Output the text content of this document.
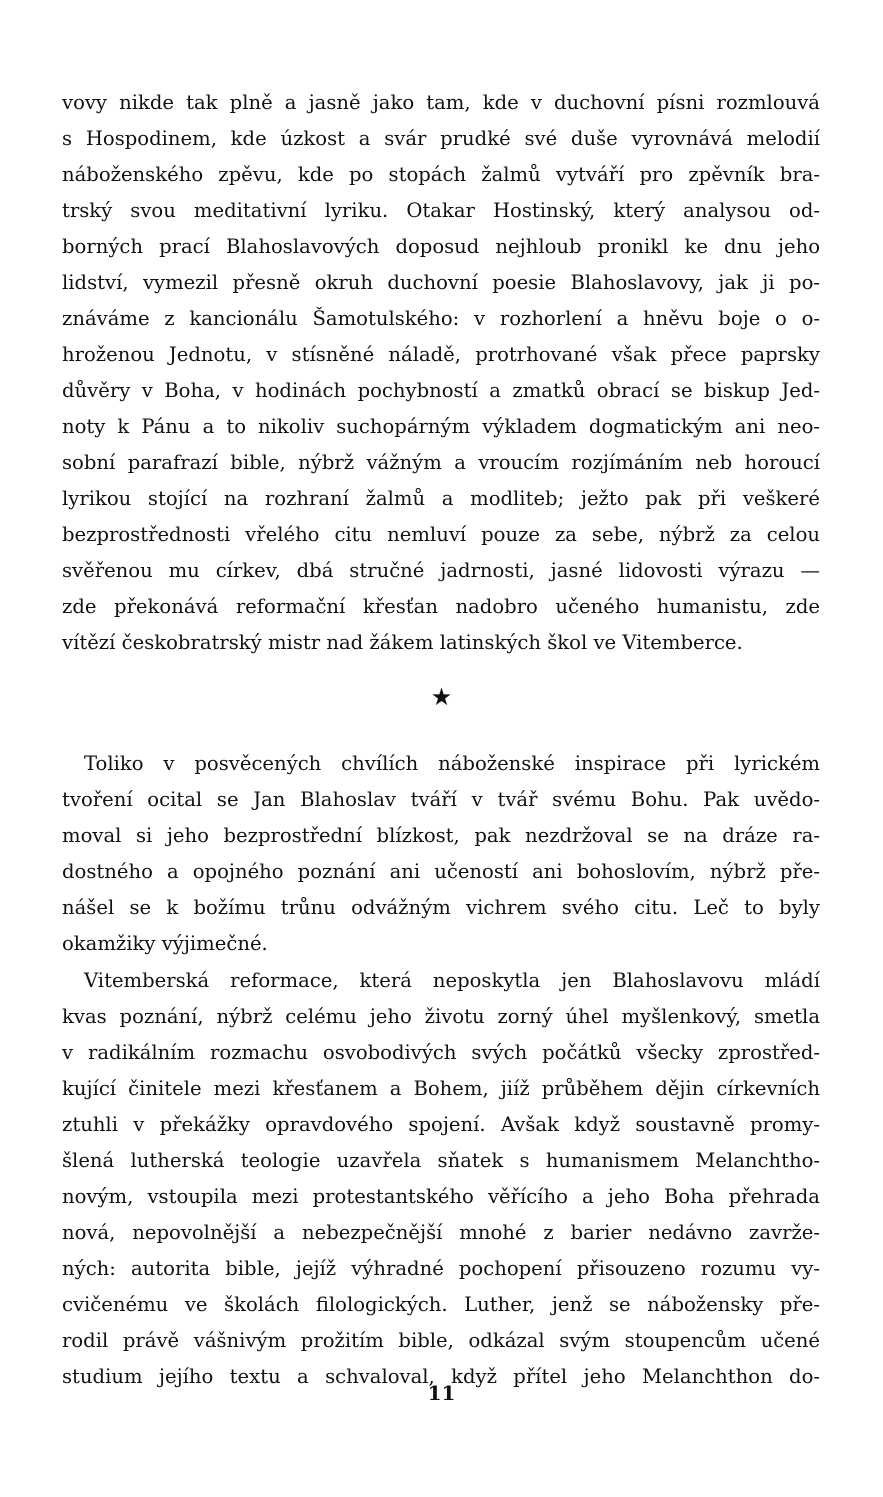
vovy nikde tak plně a jasně jako tam, kde v duchovní písni rozmlouvá
s Hospodinem, kde úzkost a svár prudké své duše vyrovnává melodií
náboženského zpěvu, kde po stopách žalmů vytváří pro zpěvník bra-
trský svou meditativní lyriku. Otakar Hostinský, který analysou od-
borných prací Blahoslavových doposud nejhloub pronikl ke dnu jeho
lidství, vymezil přesně okruh duchovní poesie Blahoslavovy, jak ji po-
znáváme z kancionálu Šamotulského: v rozhorlení a hněvu boje o o-
hroženou Jednotu, v stísněné náladě, protrhované však přece paprsky
důvěry v Boha, v hodinách pochybností a zmatků obrací se biskup Jed-
noty k Pánu a to nikoliv suchopárným výkladem dogmatickým ani neo-
sobní parafrazí bible, nýbrž vážným a vroucím rozjímáním neb horoucí
lyrikou stojící na rozhraní žalmů a modliteb; ježto pak při veškeré
bezprostřednosti vřelého citu nemluví pouze za sebe, nýbrž za celou
svěřenou mu církev, dbá stručné jadrnosti, jasné lidovosti výrazu —
zde překonává reformační křesťan nadobro učeného humanistu, zde
vítězí českobratrský mistr nad žákem latinských škol ve Vitemberce.
★
Toliko v posvěcených chvílích náboženské inspirace při lyrickém
tvoření ocital se Jan Blahoslav tváří v tvář svému Bohu. Pak uvědo-
moval si jeho bezprostřední blízkost, pak nezdržoval se na dráze ra-
dostného a opojného poznání ani učeností ani bohoslovím, nýbrž pře-
nášel se k božímu trůnu odvážným vichrem svého citu. Leč to byly
okamžiky výjimečné.
Vitemberská reformace, která neposkytla jen Blahoslavovu mládí
kvas poznání, nýbrž celému jeho životu zorný úhel myšlenkový, smetla
v radikálním rozmachu osvobodivých svých počátků všecky zprostřed-
kující činitele mezi křesťanem a Bohem, jiíž průběhem dějin církevních
ztuhli v překážky opravdového spojení. Avšak když soustavně promy-
šlená lutherská teologie uzavřela sňatek s humanismem Melanchtho-
novým, vstoupila mezi protestantského věřícího a jeho Boha přehrada
nová, nepovolnější a nebezpečnější mnohé z barier nedávno zavrže-
ných: autorita bible, jejíž výhradné pochopení přisouzeno rozumu vy-
cvičenému ve školách filologických. Luther, jenž se nábožensky pře-
rodil právě vášnivým prožitím bible, odkázal svým stoupencům učené
studium jejího textu a schvaloval, když přítel jeho Melanchthon do-
11
